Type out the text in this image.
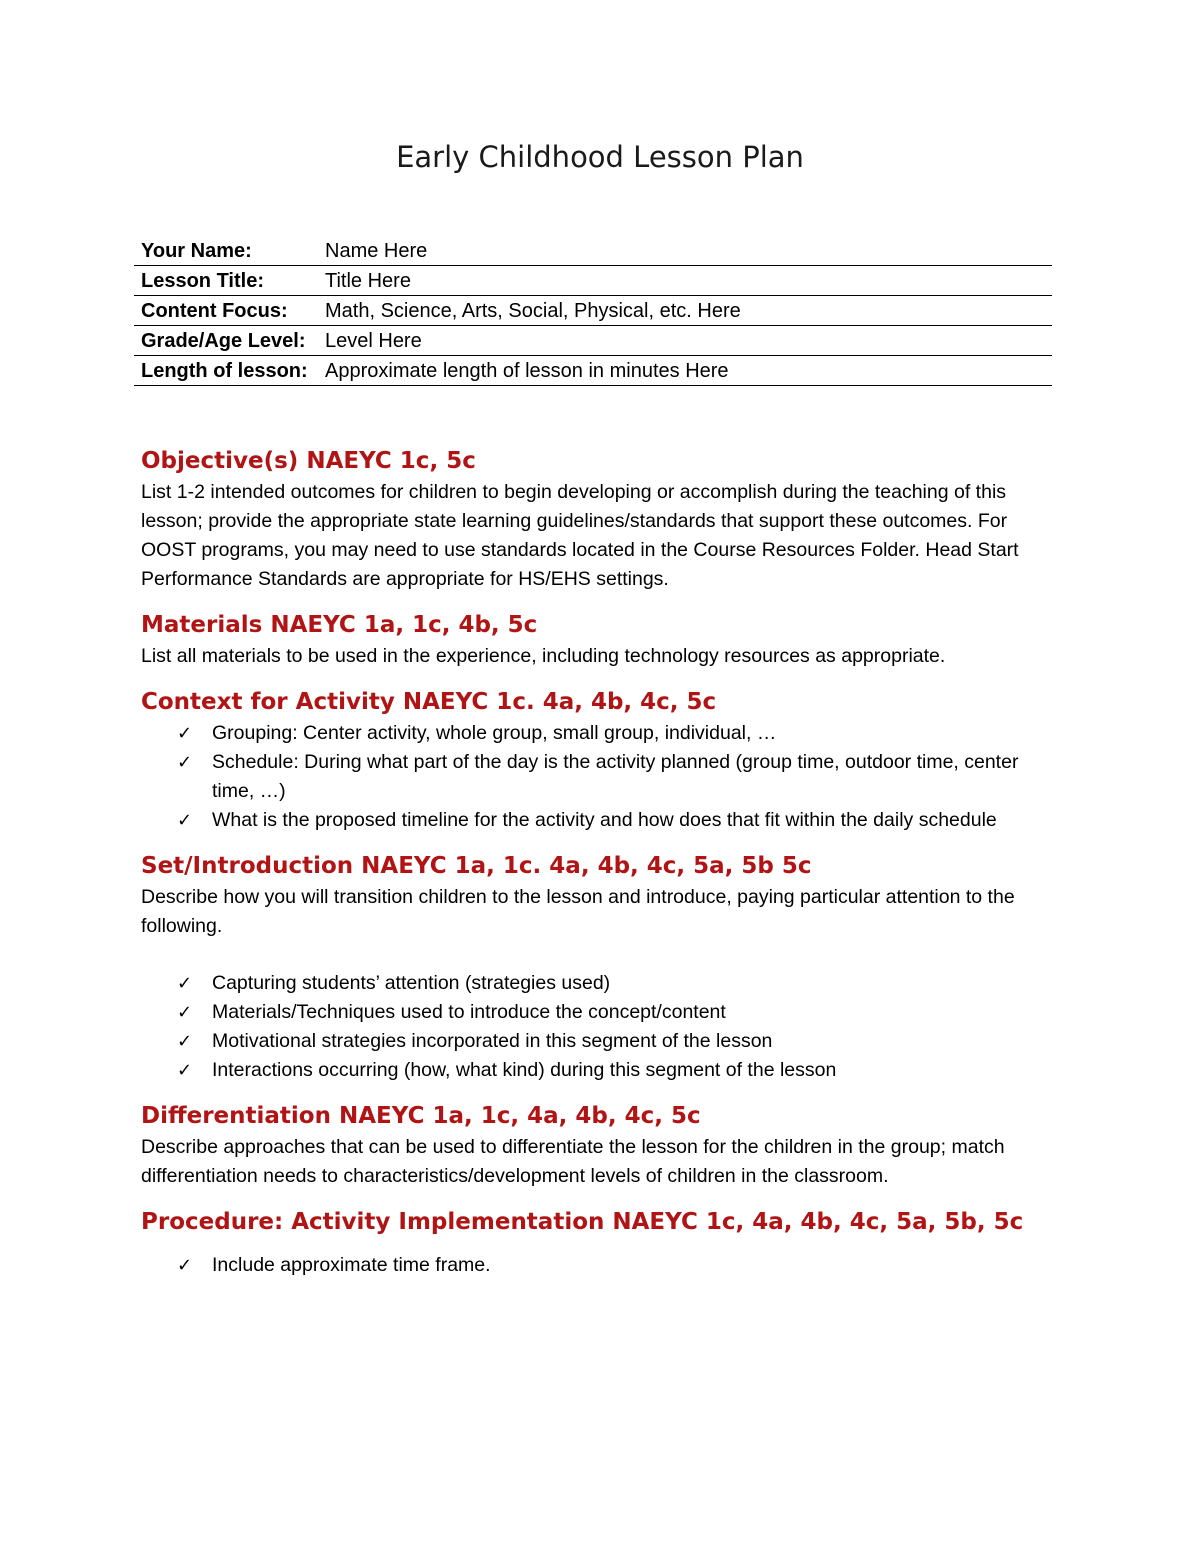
Early Childhood Lesson Plan
Your Name:	Name Here
Lesson Title:	Title Here
Content Focus:	Math, Science, Arts, Social, Physical, etc. Here
Grade/Age Level:	Level Here
Length of lesson:	Approximate length of lesson in minutes Here
Objective(s) NAEYC 1c, 5c

List 1-2 intended outcomes for children to begin developing or accomplish during the teaching of this lesson; provide the appropriate state learning guidelines/standards that support these outcomes. For OOST programs, you may need to use standards located in the Course Resources Folder. Head Start Performance Standards are appropriate for HS/EHS settings.

Materials NAEYC 1a, 1c, 4b, 5c

List all materials to be used in the experience, including technology resources as appropriate.

Context for Activity NAEYC 1c. 4a, 4b, 4c, 5c
✓ Grouping: Center activity, whole group, small group, individual, …
✓ Schedule: During what part of the day is the activity planned (group time, outdoor time, center time, …)
✓ What is the proposed timeline for the activity and how does that fit within the daily schedule
Set/Introduction NAEYC 1a, 1c. 4a, 4b, 4c, 5a, 5b 5c

Describe how you will transition children to the lesson and introduce, paying particular attention to the following.

✓ Capturing students’ attention (strategies used)
✓ Materials/Techniques used to introduce the concept/content
✓ Motivational strategies incorporated in this segment of the lesson
✓ Interactions occurring (how, what kind) during this segment of the lesson
Differentiation NAEYC 1a, 1c, 4a, 4b, 4c, 5c

Describe approaches that can be used to differentiate the lesson for the children in the group; match differentiation needs to characteristics/development levels of children in the classroom.

Procedure: Activity Implementation NAEYC 1c, 4a, 4b, 4c, 5a, 5b, 5c
✓ Include approximate time frame.
